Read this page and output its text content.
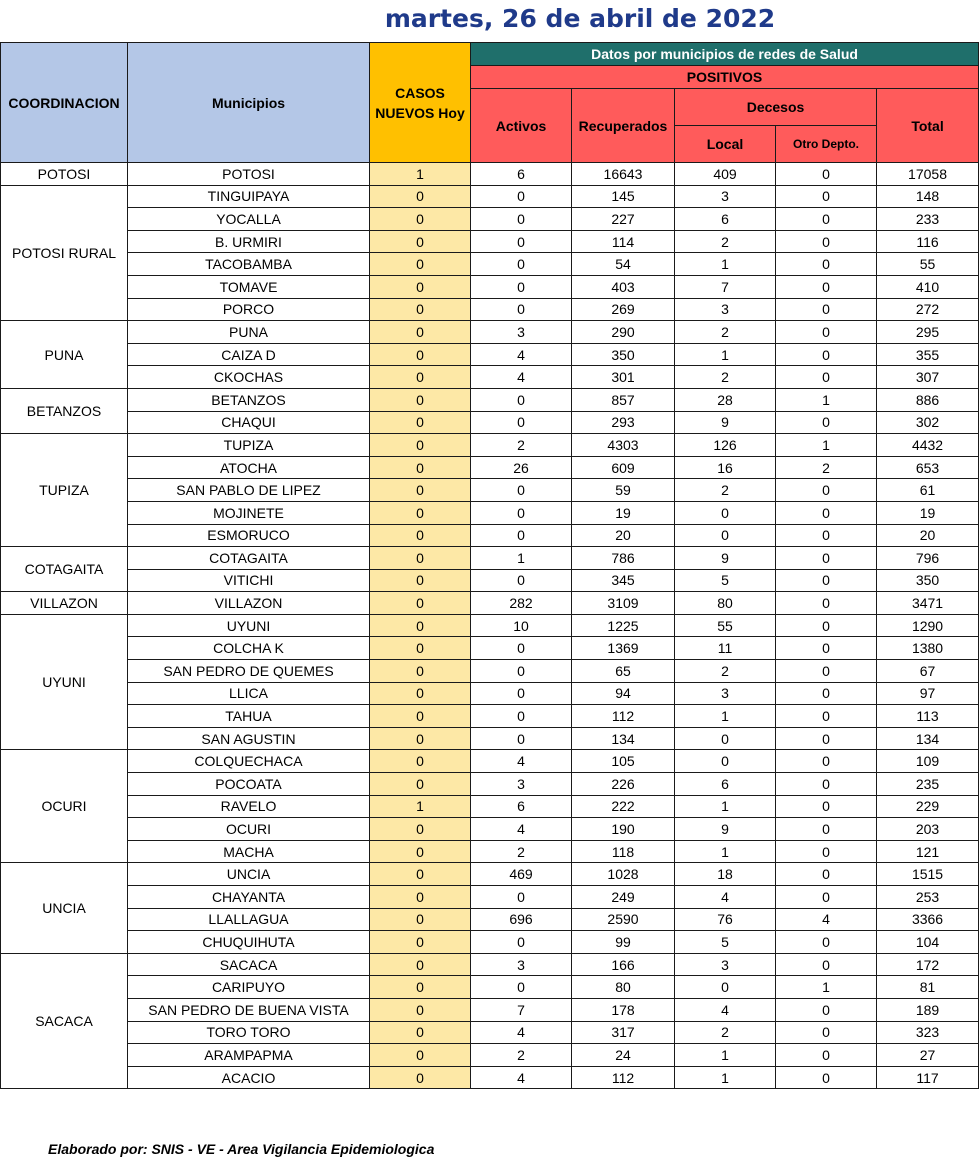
martes, 26 de abril de 2022
COORDINACION	Municipios	CASOS NUEVOS Hoy	Datos por municipios de redes de Salud				
			POSITIVOS				
			Activos	Recuperados	Decesos		Total
					Local	Otro Depto.	
POTOSI	POTOSI	1	6	16643	409	0	17058
POTOSI RURAL	TINGUIPAYA	0	0	145	3	0	148
	YOCALLA	0	0	227	6	0	233
	B. URMIRI	0	0	114	2	0	116
	TACOBAMBA	0	0	54	1	0	55
	TOMAVE	0	0	403	7	0	410
	PORCO	0	0	269	3	0	272
PUNA	PUNA	0	3	290	2	0	295
	CAIZA D	0	4	350	1	0	355
	CKOCHAS	0	4	301	2	0	307
BETANZOS	BETANZOS	0	0	857	28	1	886
	CHAQUI	0	0	293	9	0	302
TUPIZA	TUPIZA	0	2	4303	126	1	4432
	ATOCHA	0	26	609	16	2	653
	SAN PABLO DE LIPEZ	0	0	59	2	0	61
	MOJINETE	0	0	19	0	0	19
	ESMORUCO	0	0	20	0	0	20
COTAGAITA	COTAGAITA	0	1	786	9	0	796
	VITICHI	0	0	345	5	0	350
VILLAZON	VILLAZON	0	282	3109	80	0	3471
UYUNI	UYUNI	0	10	1225	55	0	1290
	COLCHA K	0	0	1369	11	0	1380
	SAN PEDRO DE QUEMES	0	0	65	2	0	67
	LLICA	0	0	94	3	0	97
	TAHUA	0	0	112	1	0	113
	SAN AGUSTIN	0	0	134	0	0	134
OCURI	COLQUECHACA	0	4	105	0	0	109
	POCOATA	0	3	226	6	0	235
	RAVELO	1	6	222	1	0	229
	OCURI	0	4	190	9	0	203
	MACHA	0	2	118	1	0	121
UNCIA	UNCIA	0	469	1028	18	0	1515
	CHAYANTA	0	0	249	4	0	253
	LLALLAGUA	0	696	2590	76	4	3366
	CHUQUIHUTA	0	0	99	5	0	104
SACACA	SACACA	0	3	166	3	0	172
	CARIPUYO	0	0	80	0	1	81
	SAN PEDRO DE BUENA VISTA	0	7	178	4	0	189
	TORO TORO	0	4	317	2	0	323
	ARAMPAPMA	0	2	24	1	0	27
	ACACIO	0	4	112	1	0	117
Elaborado por: SNIS - VE - Area Vigilancia Epidemiologica
